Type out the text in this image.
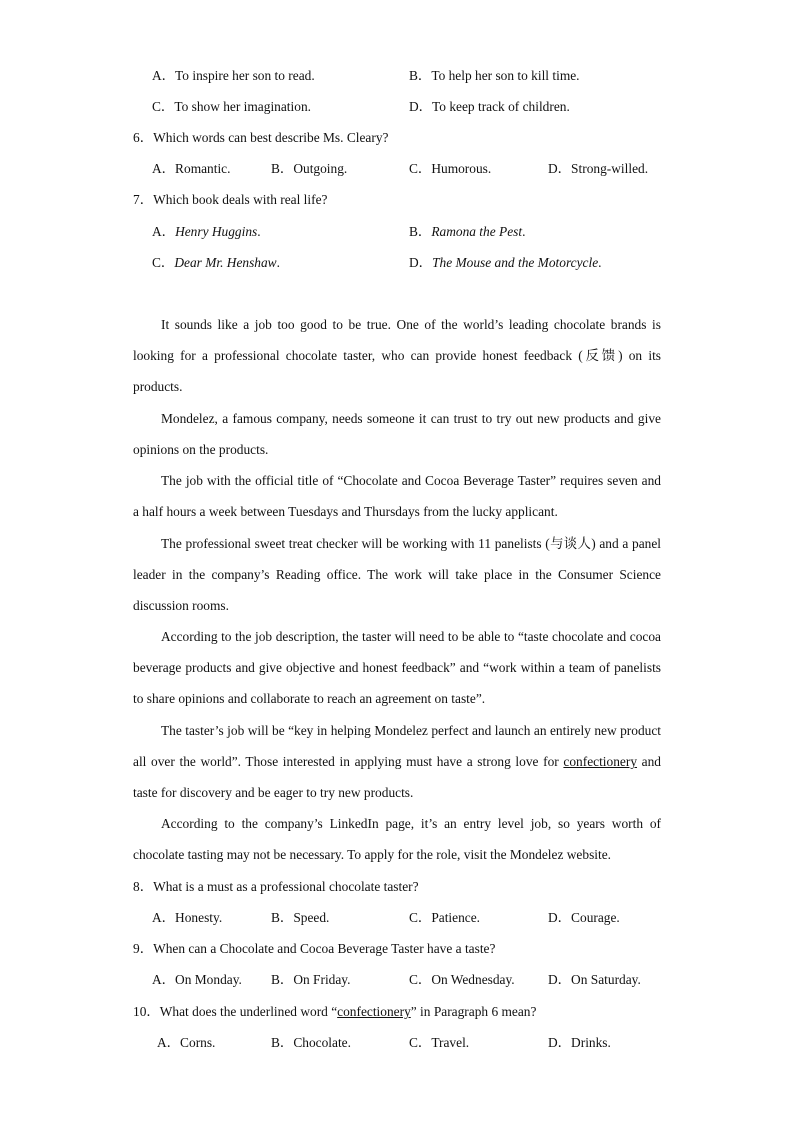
A．To inspire her son to read.	B．To help her son to kill time.
C．To show her imagination.	D．To keep track of children.
6．Which words can best describe Ms. Cleary?
A．Romantic.	B．Outgoing.	C．Humorous.	D．Strong-willed.
7．Which book deals with real life?
A．Henry Huggins.	B．Ramona the Pest.
C．Dear Mr. Henshaw.	D．The Mouse and the Motorcycle.
It sounds like a job too good to be true. One of the world’s leading chocolate brands is looking for a professional chocolate taster, who can provide honest feedback (反馈) on its products.
Mondelez, a famous company, needs someone it can trust to try out new products and give opinions on the products.
The job with the official title of “Chocolate and Cocoa Beverage Taster” requires seven and a half hours a week between Tuesdays and Thursdays from the lucky applicant.
The professional sweet treat checker will be working with 11 panelists (与谈人) and a panel leader in the company’s Reading office. The work will take place in the Consumer Science discussion rooms.
According to the job description, the taster will need to be able to “taste chocolate and cocoa beverage products and give objective and honest feedback” and “work within a team of panelists to share opinions and collaborate to reach an agreement on taste”.
The taster’s job will be “key in helping Mondelez perfect and launch an entirely new product all over the world”. Those interested in applying must have a strong love for confectionery and taste for discovery and be eager to try new products.
According to the company’s LinkedIn page, it’s an entry level job, so years worth of chocolate tasting may not be necessary. To apply for the role, visit the Mondelez website.
8．What is a must as a professional chocolate taster?
A．Honesty.	B．Speed.	C．Patience.	D．Courage.
9．When can a Chocolate and Cocoa Beverage Taster have a taste?
A．On Monday. B．On Friday.	C．On Wednesday. D．On Saturday.
10．What does the underlined word “confectionery” in Paragraph 6 mean?
A．Corns.	B．Chocolate.	C．Travel.	D．Drinks.
